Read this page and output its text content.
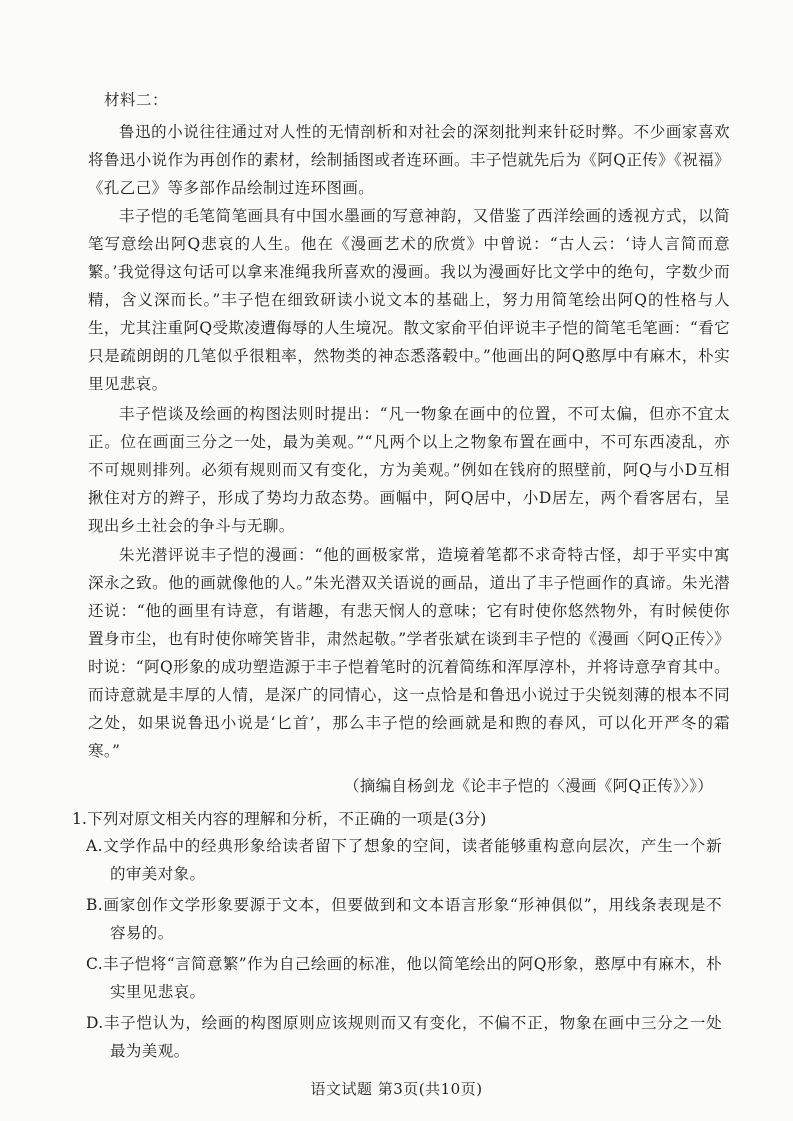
材料二：

鲁迅的小说往往通过对人性的无情剖析和对社会的深刻批判来针砭时弊。不少画家喜欢将鲁迅小说作为再创作的素材，绘制插图或者连环画。丰子恺就先后为《阿Q正传》《祝福》《孔乙己》等多部作品绘制过连环图画。

丰子恺的毛笔简笔画具有中国水墨画的写意神韵，又借鉴了西洋绘画的透视方式，以简笔写意绘出阿Q悲哀的人生。他在《漫画艺术的欣赏》中曾说：“古人云：‘诗人言简而意繁。’我觉得这句话可以拿来准绳我所喜欢的漫画。我以为漫画好比文学中的绝句，字数少而精，含义深而长。”丰子恺在细致研读小说文本的基础上，努力用简笔绘出阿Q的性格与人生，尤其注重阿Q受欺凌遭侮辱的人生境况。散文家俞平伯评说丰子恺的简笔毛笔画：“看它只是疏朗朗的几笔似乎很粗率，然物类的神态悉落毂中。”他画出的阿Q憨厚中有麻木，朴实里见悲哀。

丰子恺谈及绘画的构图法则时提出：“凡一物象在画中的位置，不可太偏，但亦不宜太正。位在画面三分之一处，最为美观。”“凡两个以上之物象布置在画中，不可东西凌乱，亦不可规则排列。必须有规则而又有变化，方为美观。”例如在钱府的照壁前，阿Q与小D互相揪住对方的辫子，形成了势均力敌态势。画幅中，阿Q居中，小D居左，两个看客居右，呈现出乡土社会的争斗与无聊。

朱光潜评说丰子恺的漫画：“他的画极家常，造境着笔都不求奇特古怪，却于平实中寓深永之致。他的画就像他的人。”朱光潜双关语说的画品，道出了丰子恺画作的真谛。朱光潜还说：“他的画里有诗意，有谐趣，有悲天悯人的意味；它有时使你悠然物外，有时候使你置身市尘，也有时使你啼笑皆非，肃然起敬。”学者张斌在谈到丰子恺的《漫画〈阿Q正传〉》时说：“阿Q形象的成功塑造源于丰子恺着笔时的沉着简练和浑厚淳朴，并将诗意孕育其中。而诗意就是丰厚的人情，是深广的同情心，这一点恰是和鲁迅小说过于尖锐刻薄的根本不同之处，如果说鲁迅小说是‘匕首’，那么丰子恺的绘画就是和煦的春风，可以化开严冬的霜寒。”

（摘编自杨剑龙《论丰子恺的〈漫画《阿Q正传》〉》）
1.下列对原文相关内容的理解和分析，不正确的一项是(3分)
A.文学作品中的经典形象给读者留下了想象的空间，读者能够重构意向层次，产生一个新的审美对象。
B.画家创作文学形象要源于文本，但要做到和文本语言形象“形神俱似”，用线条表现是不容易的。
C.丰子恺将“言简意繁”作为自己绘画的标准，他以简笔绘出的阿Q形象，憨厚中有麻木，朴实里见悲哀。
D.丰子恺认为，绘画的构图原则应该规则而又有变化，不偏不正，物象在画中三分之一处最为美观。
语文试题 第3页(共10页)
